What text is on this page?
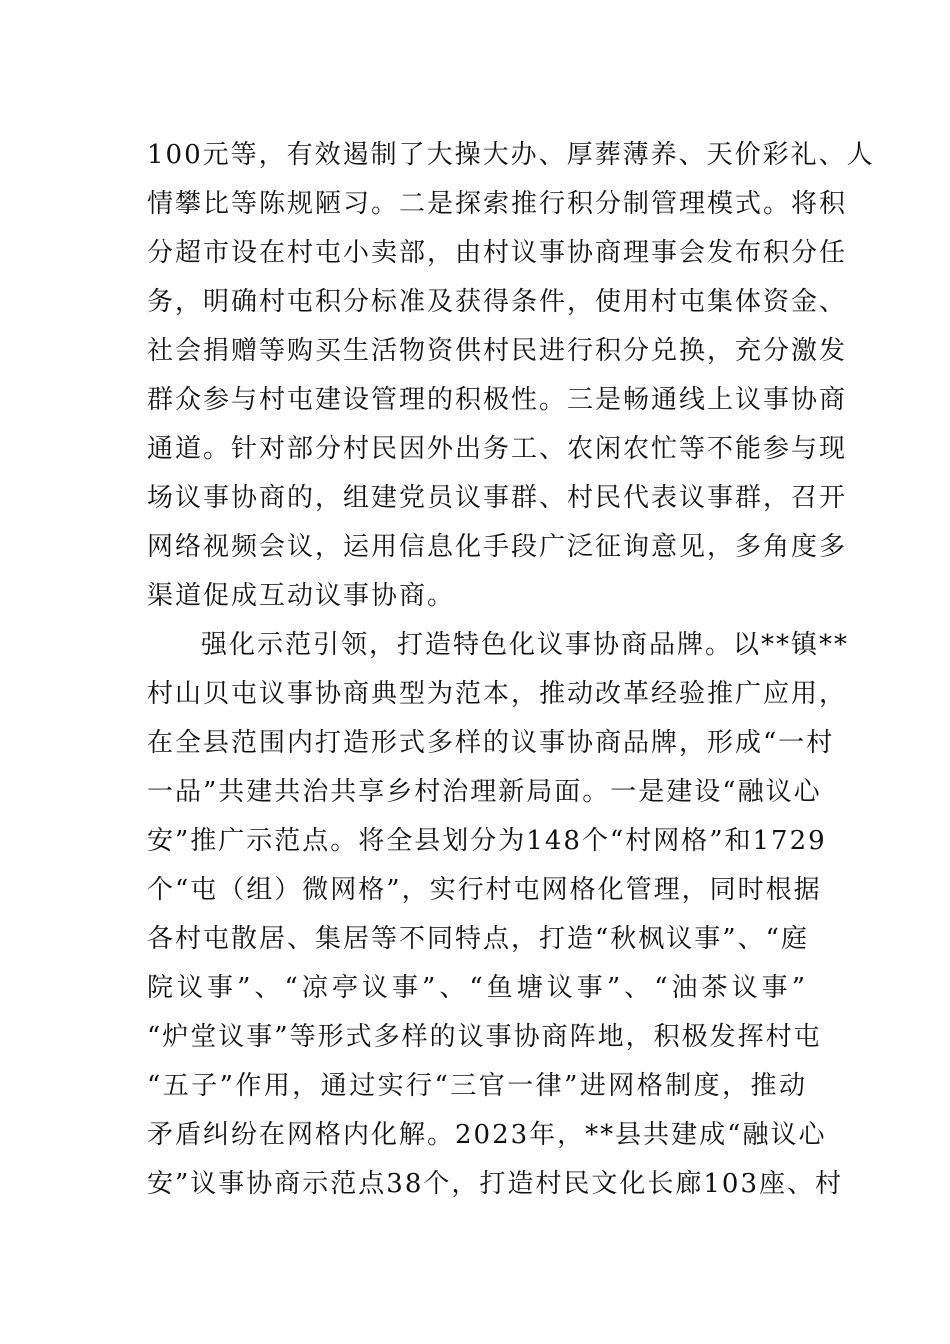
100元等，有效遏制了大操大办、厚葬薄养、天价彩礼、人
情攀比等陈规陋习。二是探索推行积分制管理模式。将积
分超市设在村屯小卖部，由村议事协商理事会发布积分任
务，明确村屯积分标准及获得条件，使用村屯集体资金、
社会捐赠等购买生活物资供村民进行积分兑换，充分激发
群众参与村屯建设管理的积极性。三是畅通线上议事协商
通道。针对部分村民因外出务工、农闲农忙等不能参与现
场议事协商的，组建党员议事群、村民代表议事群，召开
网络视频会议，运用信息化手段广泛征询意见，多角度多
渠道促成互动议事协商。
强化示范引领，打造特色化议事协商品牌。以**镇**
村山贝屯议事协商典型为范本，推动改革经验推广应用，
在全县范围内打造形式多样的议事协商品牌，形成“一村
一品”共建共治共享乡村治理新局面。一是建设“融议心
安”推广示范点。将全县划分为148个“村网格”和1729
个“屯（组）微网格”，实行村屯网格化管理，同时根据
各村屯散居、集居等不同特点，打造“秋枫议事”、“庭
院议事”、“凉亭议事”、“鱼塘议事”、“油茶议事”
“炉堂议事”等形式多样的议事协商阵地，积极发挥村屯
“五子”作用，通过实行“三官一律”进网格制度，推动
矛盾纠纷在网格内化解。2023年，**县共建成“融议心
安”议事协商示范点38个，打造村民文化长廊103座、村
